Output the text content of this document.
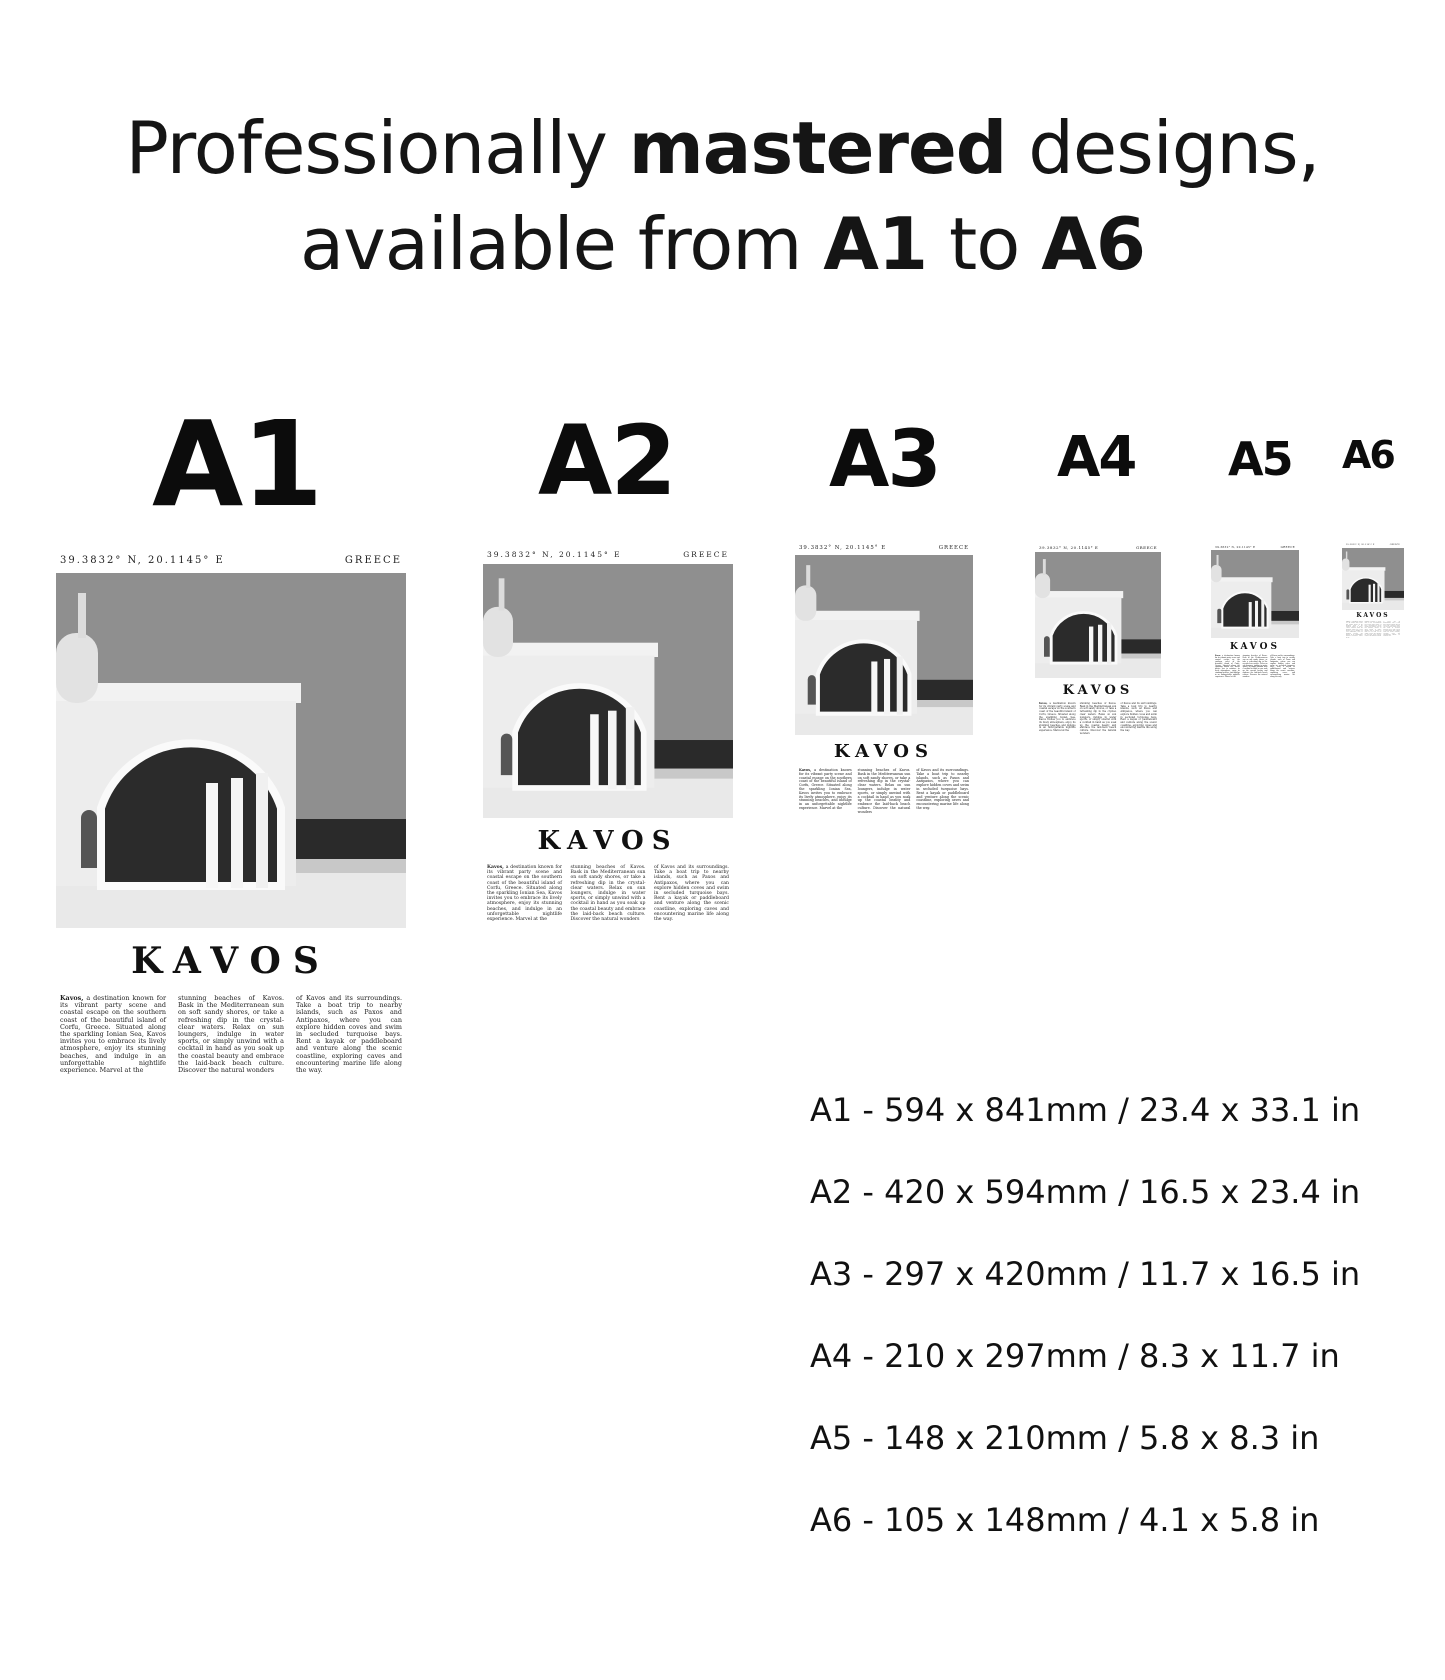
Professionally mastered designs,
available from A1 to A6
A1 A2 A3 A4 A5 A6
39.3832° N, 20.1145° E	GREECE
KAVOS
Kavos, a destination known for its vibrant party scene and coastal escape on the southern coast of the beautiful island of Corfu, Greece. Situated along the sparkling Ionian Sea, Kavos invites you to embrace its lively atmosphere, enjoy its stunning beaches, and indulge in an unforgettable nightlife experience. Marvel at the
stunning beaches of Kavos. Bask in the Mediterranean sun on soft sandy shores, or take a refreshing dip in the crystal-clear waters. Relax on sun loungers, indulge in water sports, or simply unwind with a cocktail in hand as you soak up the coastal beauty and embrace the laid-back beach culture. Discover the natural wonders
of Kavos and its surroundings. Take a boat trip to nearby islands, such as Paxos and Antipaxos, where you can explore hidden coves and swim in secluded turquoise bays. Rent a kayak or paddleboard and venture along the scenic coastline, exploring caves and encountering marine life along the way.
39.3832° N, 20.1145° E	GREECE
KAVOS
Kavos, a destination known for its vibrant party scene and coastal escape on the southern coast of the beautiful island of Corfu, Greece. Situated along the sparkling Ionian Sea, Kavos invites you to embrace its lively atmosphere, enjoy its stunning beaches, and indulge in an unforgettable nightlife experience. Marvel at the
stunning beaches of Kavos. Bask in the Mediterranean sun on soft sandy shores, or take a refreshing dip in the crystal-clear waters. Relax on sun loungers, indulge in water sports, or simply unwind with a cocktail in hand as you soak up the coastal beauty and embrace the laid-back beach culture. Discover the natural wonders
of Kavos and its surroundings. Take a boat trip to nearby islands, such as Paxos and Antipaxos, where you can explore hidden coves and swim in secluded turquoise bays. Rent a kayak or paddleboard and venture along the scenic coastline, exploring caves and encountering marine life along the way.
39.3832° N, 20.1145° E	GREECE
KAVOS
Kavos, a destination known for its vibrant party scene and coastal escape on the southern coast of the beautiful island of Corfu, Greece. Situated along the sparkling Ionian Sea, Kavos invites you to embrace its lively atmosphere, enjoy its stunning beaches, and indulge in an unforgettable nightlife experience. Marvel at the
stunning beaches of Kavos. Bask in the Mediterranean sun on soft sandy shores, or take a refreshing dip in the crystal-clear waters. Relax on sun loungers, indulge in water sports, or simply unwind with a cocktail in hand as you soak up the coastal beauty and embrace the laid-back beach culture. Discover the natural wonders
of Kavos and its surroundings. Take a boat trip to nearby islands, such as Paxos and Antipaxos, where you can explore hidden coves and swim in secluded turquoise bays. Rent a kayak or paddleboard and venture along the scenic coastline, exploring caves and encountering marine life along the way.
39.3832° N, 20.1145° E	GREECE
KAVOS
Kavos, a destination known for its vibrant party scene and coastal escape on the southern coast of the beautiful island of Corfu, Greece. Situated along the sparkling Ionian Sea, Kavos invites you to embrace its lively atmosphere, enjoy its stunning beaches, and indulge in an unforgettable nightlife experience. Marvel at the
stunning beaches of Kavos. Bask in the Mediterranean sun on soft sandy shores, or take a refreshing dip in the crystal-clear waters. Relax on sun loungers, indulge in water sports, or simply unwind with a cocktail in hand as you soak up the coastal beauty and embrace the laid-back beach culture. Discover the natural wonders
of Kavos and its surroundings. Take a boat trip to nearby islands, such as Paxos and Antipaxos, where you can explore hidden coves and swim in secluded turquoise bays. Rent a kayak or paddleboard and venture along the scenic coastline, exploring caves and encountering marine life along the way.
39.3832° N, 20.1145° E	GREECE
KAVOS
Kavos, a destination known for its vibrant party scene and coastal escape on the southern coast of the beautiful island of Corfu, Greece. Situated along the sparkling Ionian Sea, Kavos invites you to embrace its lively atmosphere, enjoy its stunning beaches, and indulge in an unforgettable nightlife experience. Marvel at the
stunning beaches of Kavos. Bask in the Mediterranean sun on soft sandy shores, or take a refreshing dip in the crystal-clear waters. Relax on sun loungers, indulge in water sports, or simply unwind with a cocktail in hand as you soak up the coastal beauty and embrace the laid-back beach culture. Discover the natural wonders
of Kavos and its surroundings. Take a boat trip to nearby islands, such as Paxos and Antipaxos, where you can explore hidden coves and swim in secluded turquoise bays. Rent a kayak or paddleboard and venture along the scenic coastline, exploring caves and encountering marine life along the way.
39.3832° N, 20.1145° E	GREECE
KAVOS
Kavos, a destination known for its vibrant party scene and coastal escape on the southern coast of the beautiful island of Corfu, Greece. Situated along the sparkling Ionian Sea, Kavos invites you to embrace its lively atmosphere, enjoy its stunning beaches, and indulge in an unforgettable nightlife experience. Marvel at the
stunning beaches of Kavos. Bask in the Mediterranean sun on soft sandy shores, or take a refreshing dip in the crystal-clear waters. Relax on sun loungers, indulge in water sports, or simply unwind with a cocktail in hand as you soak up the coastal beauty and embrace the laid-back beach culture. Discover the natural wonders
of Kavos and its surroundings. Take a boat trip to nearby islands, such as Paxos and Antipaxos, where you can explore hidden coves and swim in secluded turquoise bays. Rent a kayak or paddleboard and venture along the scenic coastline, exploring caves and encountering marine life along the way.
A1 - 594 x 841mm / 23.4 x 33.1 in
A2 - 420 x 594mm / 16.5 x 23.4 in
A3 - 297 x 420mm / 11.7 x 16.5 in
A4 - 210 x 297mm / 8.3 x 11.7 in
A5 - 148 x 210mm / 5.8 x 8.3 in
A6 - 105 x 148mm / 4.1 x 5.8 in
